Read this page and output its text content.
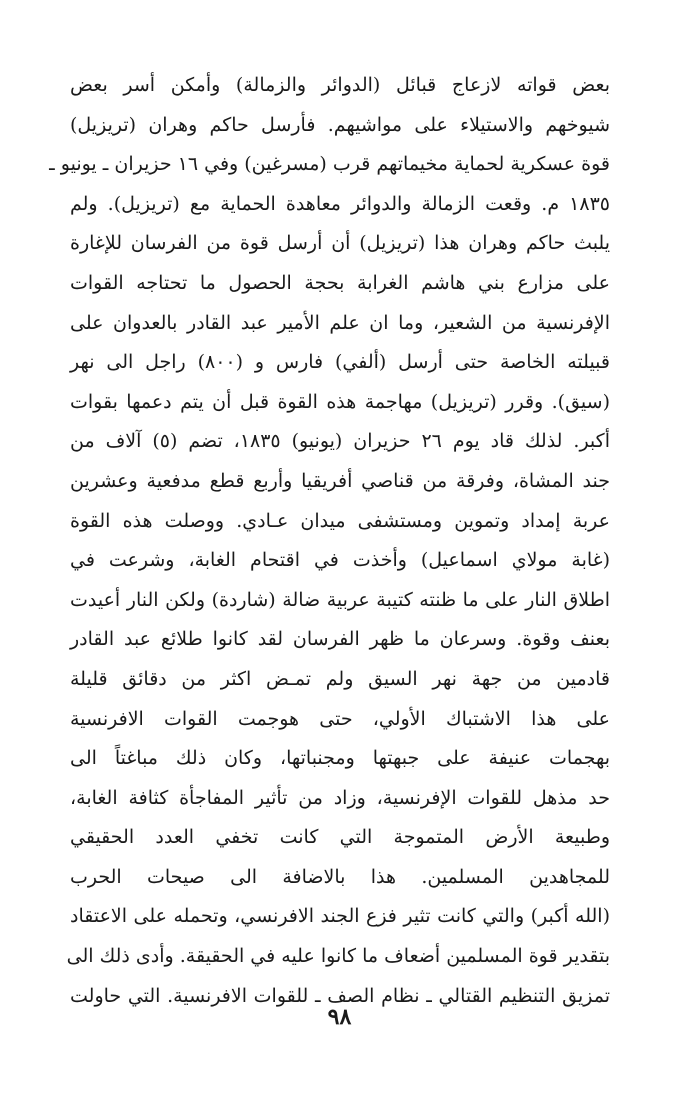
بعض قواته لازعاج قبائل (الدوائر والزمالة) وأمكن أسر بعض
شيوخهم والاستيلاء على مواشيهم. فأرسل حاكم وهران (تريزيل)
قوة عسكرية لحماية مخيماتهم قرب (مسرغين) وفي ١٦ حزيران ـ يونيو ـ
١٨٣٥ م. وقعت الزمالة والدوائر معاهدة الحماية مع (تريزيل). ولم
يلبث حاكم وهران هذا (تريزيل) أن أرسل قوة من الفرسان للإغارة
على مزارع بني هاشم الغرابة بحجة الحصول ما تحتاجه القوات
الإفرنسية من الشعير، وما ان علم الأمير عبد القادر بالعدوان على
قبيلته الخاصة حتى أرسل (ألفي) فارس و (٨٠٠) راجل الى نهر
(سيق). وقرر (تريزيل) مهاجمة هذه القوة قبل أن يتم دعمها بقوات
أكبر. لذلك قاد يوم ٢٦ حزيران (يونيو) ١٨٣٥، تضم (٥) آلاف من
جند المشاة، وفرقة من قناصي أفريقيا وأربع قطع مدفعية وعشرين
عربة إمداد وتموين ومستشفى ميدان عـادي. ووصلت هذه القوة
(غابة مولاي اسماعيل) وأخذت في اقتحام الغابة، وشرعت في
اطلاق النار على ما ظنته كتيبة عربية ضالة (شاردة) ولكن النار أعيدت
بعنف وقوة. وسرعان ما ظهر الفرسان لقد كانوا طلائع عبد القادر
قادمين من جهة نهر السيق ولم تمـض اكثر من دقائق قليلة
على هذا الاشتباك الأولي، حتى هوجمت القوات الافرنسية
بهجمات عنيفة على جبهتها ومجنباتها، وكان ذلك مباغتاً الى
حد مذهل للقوات الإفرنسية، وزاد من تأثير المفاجأة كثافة الغابة،
وطبيعة الأرض المتموجة التي كانت تخفي العدد الحقيقي
للمجاهدين المسلمين. هذا بالاضافة الى صيحات الحرب
(الله أكبر) والتي كانت تثير فزع الجند الافرنسي، وتحمله على الاعتقاد
بتقدير قوة المسلمين أضعاف ما كانوا عليه في الحقيقة. وأدى ذلك الى
تمزيق التنظيم القتالي ـ نظام الصف ـ للقوات الافرنسية. التي حاولت
٩٨
